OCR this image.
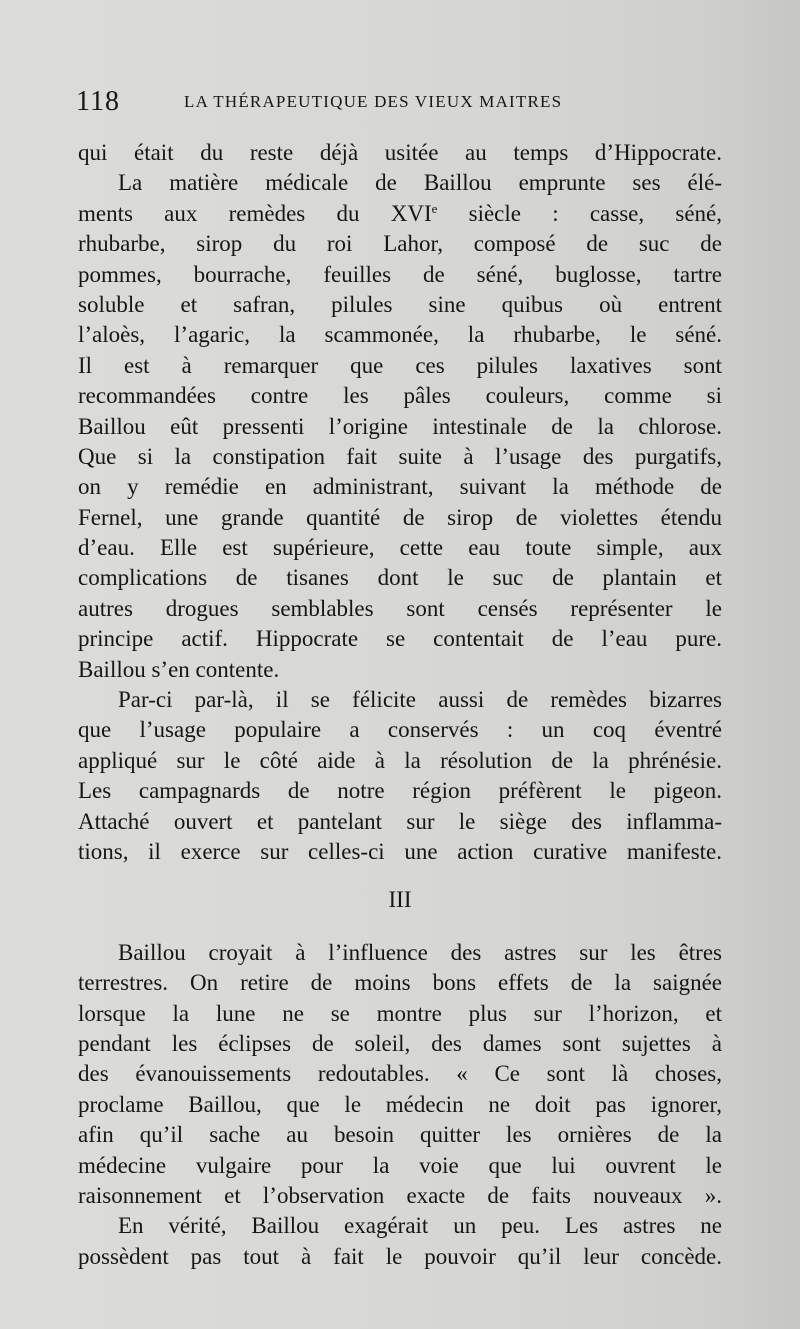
118	LA THÉRAPEUTIQUE DES VIEUX MAITRES
qui était du reste déjà usitée au temps d’Hippocrate.
La matière médicale de Baillou emprunte ses élé-
ments aux remèdes du XVIe siècle : casse, séné,
rhubarbe, sirop du roi Lahor, composé de suc de
pommes, bourrache, feuilles de séné, buglosse, tartre
soluble et safran, pilules sine quibus où entrent
l’aloès, l’agaric, la scammonée, la rhubarbe, le séné.
Il est à remarquer que ces pilules laxatives sont
recommandées contre les pâles couleurs, comme si
Baillou eût pressenti l’origine intestinale de la chlorose.
Que si la constipation fait suite à l’usage des purgatifs,
on y remédie en administrant, suivant la méthode de
Fernel, une grande quantité de sirop de violettes étendu
d’eau. Elle est supérieure, cette eau toute simple, aux
complications de tisanes dont le suc de plantain et
autres drogues semblables sont censés représenter le
principe actif. Hippocrate se contentait de l’eau pure.
Baillou s’en contente.
Par-ci par-là, il se félicite aussi de remèdes bizarres
que l’usage populaire a conservés : un coq éventré
appliqué sur le côté aide à la résolution de la phrénésie.
Les campagnards de notre région préfèrent le pigeon.
Attaché ouvert et pantelant sur le siège des inflamma-
tions, il exerce sur celles-ci une action curative manifeste.
III
Baillou croyait à l’influence des astres sur les êtres
terrestres. On retire de moins bons effets de la saignée
lorsque la lune ne se montre plus sur l’horizon, et
pendant les éclipses de soleil, des dames sont sujettes à
des évanouissements redoutables. « Ce sont là choses,
proclame Baillou, que le médecin ne doit pas ignorer,
afin qu’il sache au besoin quitter les ornières de la
médecine vulgaire pour la voie que lui ouvrent le
raisonnement et l’observation exacte de faits nouveaux ».
En vérité, Baillou exagérait un peu. Les astres ne
possèdent pas tout à fait le pouvoir qu’il leur concède.
